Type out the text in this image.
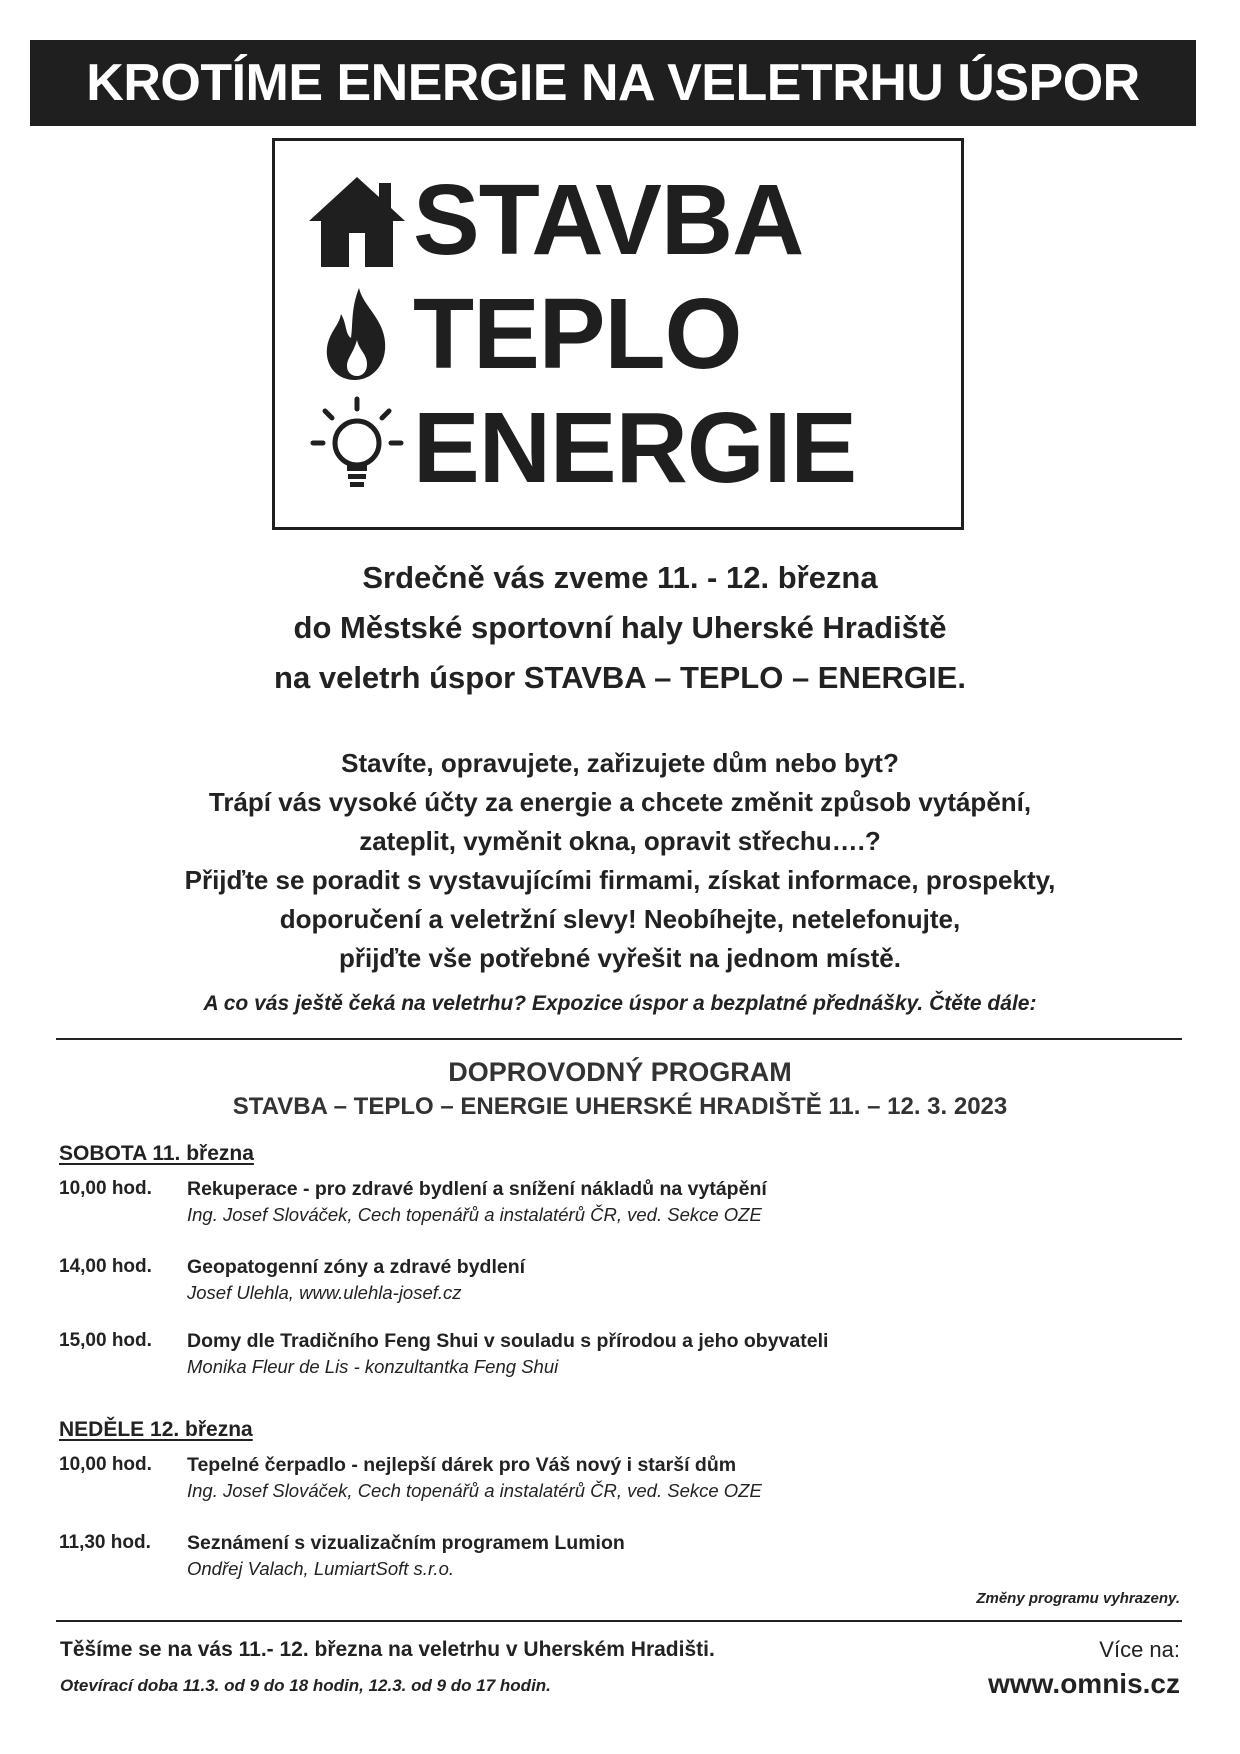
KROTÍME ENERGIE NA VELETRHU ÚSPOR
STAVBA
TEPLO
ENERGIE
Srdečně vás zveme 11. - 12. března
do Městské sportovní haly Uherské Hradiště
na veletrh úspor STAVBA – TEPLO – ENERGIE.
Stavíte, opravujete, zařizujete dům nebo byt?
Trápí vás vysoké účty za energie a chcete změnit způsob vytápění,
zateplit, vyměnit okna, opravit střechu….?
Přijďte se poradit s vystavujícími firmami, získat informace, prospekty,
doporučení a veletržní slevy! Neobíhejte, netelefonujte,
přijďte vše potřebné vyřešit na jednom místě.
A co vás ještě čeká na veletrhu? Expozice úspor a bezplatné přednášky. Čtěte dále:
DOPROVODNÝ PROGRAM
STAVBA – TEPLO – ENERGIE UHERSKÉ HRADIŠTĚ 11. – 12. 3. 2023
SOBOTA 11. března
10,00 hod. Rekuperace - pro zdravé bydlení a snížení nákladů na vytápění
Ing. Josef Slováček, Cech topenářů a instalatérů ČR, ved. Sekce OZE
14,00 hod. Geopatogenní zóny a zdravé bydlení
Josef Ulehla, www.ulehla-josef.cz
15,00 hod. Domy dle Tradičního Feng Shui v souladu s přírodou a jeho obyvateli
Monika Fleur de Lis - konzultantka Feng Shui
NEDĚLE 12. března
10,00 hod. Tepelné čerpadlo - nejlepší dárek pro Váš nový i starší dům
Ing. Josef Slováček, Cech topenářů a instalatérů ČR, ved. Sekce OZE
11,30 hod. Seznámení s vizualizačním programem Lumion
Ondřej Valach, LumiartSoft s.r.o.
Změny programu vyhrazeny.
Těšíme se na vás 11.- 12. března na veletrhu v Uherském Hradišti.
Otevírací doba 11.3. od 9 do 18 hodin, 12.3. od 9 do 17 hodin.
Více na:
www.omnis.cz
